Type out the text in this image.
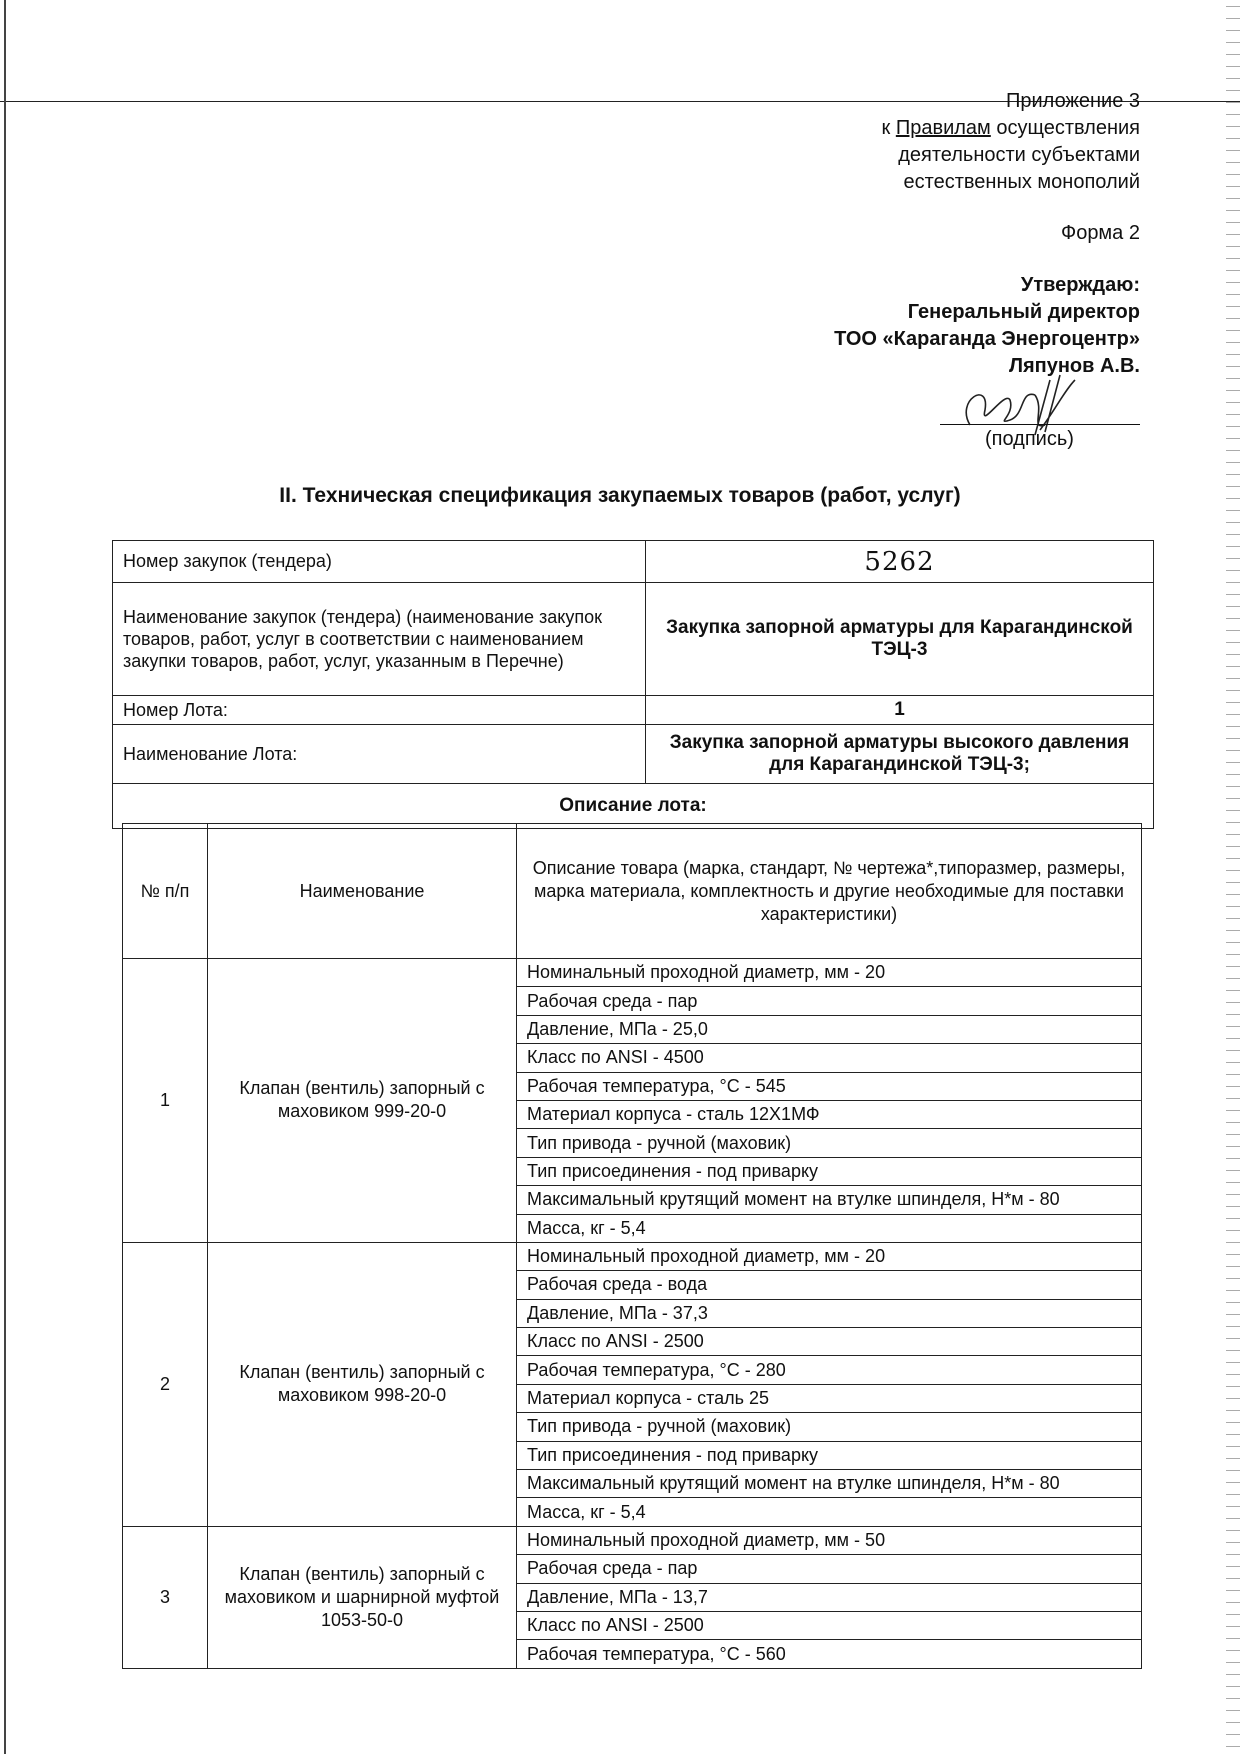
Приложение 3
к Правилам осуществления
деятельности субъектами
естественных монополий
Форма 2
Утверждаю:
Генеральный директор
ТОО «Караганда Энергоцентр»
Ляпунов А.В.
(подпись)
II. Техническая спецификация закупаемых товаров (работ, услуг)
Номер закупок (тендера)	5262
Наименование закупок (тендера) (наименование закупок товаров, работ, услуг в соответствии с наименованием закупки товаров, работ, услуг, указанным в Перечне)	Закупка запорной арматуры для Карагандинской ТЭЦ-3
Номер Лота:	1
Наименование Лота:	Закупка запорной арматуры высокого давления для Карагандинской ТЭЦ-3;
Описание лота:	
№ п/п	Наименование	Описание товара (марка, стандарт, № чертежа*,типоразмер, размеры, марка материала, комплектность и другие необходимые для поставки характеристики)
1	Клапан (вентиль) запорный с маховиком 999-20-0	Номинальный проходной диаметр, мм - 20
		Рабочая среда - пар
		Давление, МПа - 25,0
		Класс по ANSI - 4500
		Рабочая температура, °С - 545
		Материал корпуса - сталь 12Х1МФ
		Тип привода - ручной (маховик)
		Тип присоединения - под приварку
		Максимальный крутящий момент на втулке шпинделя, Н*м - 80
		Масса, кг - 5,4
2	Клапан (вентиль) запорный с маховиком 998-20-0	Номинальный проходной диаметр, мм - 20
		Рабочая среда - вода
		Давление, МПа - 37,3
		Класс по ANSI - 2500
		Рабочая температура, °С - 280
		Материал корпуса - сталь 25
		Тип привода - ручной (маховик)
		Тип присоединения - под приварку
		Максимальный крутящий момент на втулке шпинделя, Н*м - 80
		Масса, кг - 5,4
3	Клапан (вентиль) запорный с маховиком и шарнирной муфтой 1053-50-0	Номинальный проходной диаметр, мм - 50
		Рабочая среда - пар
		Давление, МПа - 13,7
		Класс по ANSI - 2500
		Рабочая температура, °С - 560
